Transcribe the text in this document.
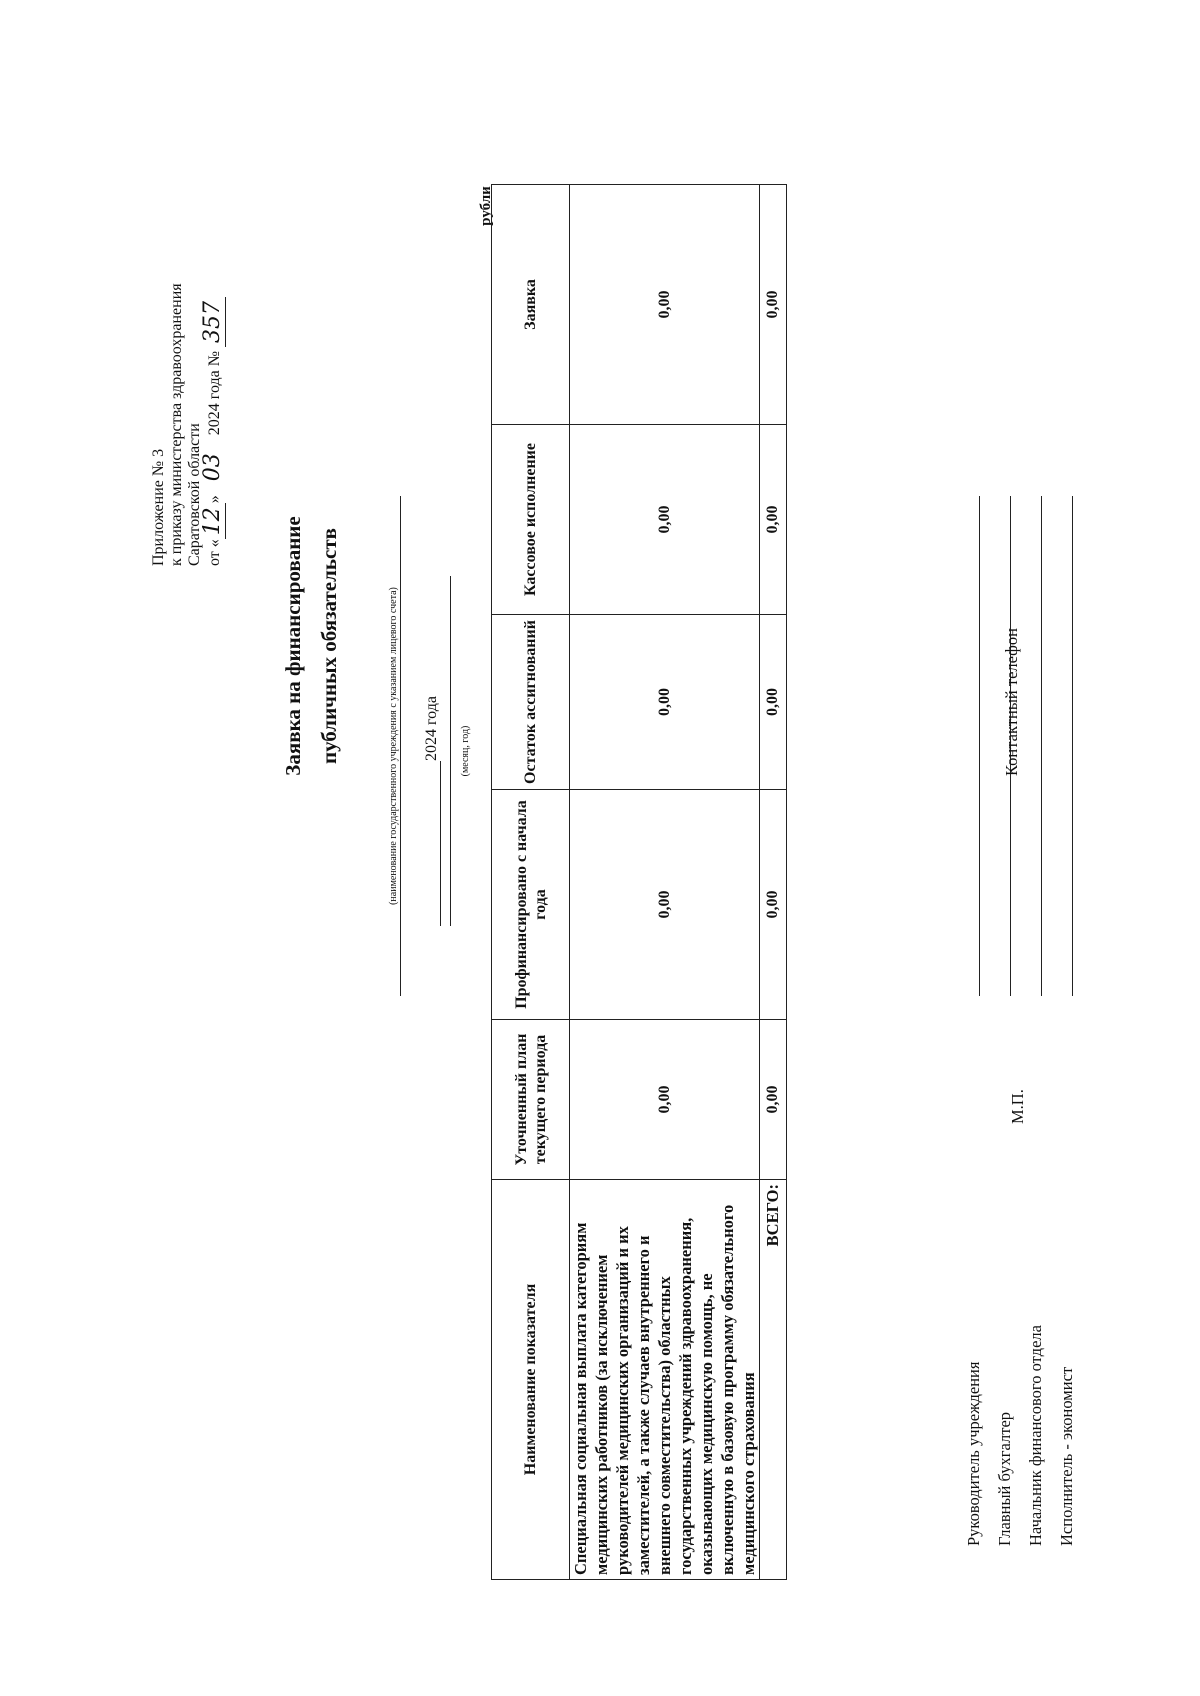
Приложение № 3 к приказу министерства здравоохранения Саратовской области от «12» 03 2024 года № 357
Заявка на финансирование публичных обязательств	(наименование государственного учреждения с указанием лицевого счета) 2024 года (месяц, год)
рубли
Наименование показателя	Уточненный план текущего периода	Профинансировано с начала года	Остаток ассигнований	Кассовое исполнение	Заявка
Специальная социальная выплата категориям медицинских работников (за исключением руководителей медицинских организаций и их заместителей, а также случаев внутреннего и внешнего совместительства) областных государственных учреждений здравоохранения, оказывающих медицинскую помощь, не включенную в базовую программу обязательного медицинского страхования	0,00	0,00	0,00	0,00	0,00
ВСЕГО:	0,00	0,00	0,00	0,00	0,00
Руководитель учреждения Главный бухгалтер Начальник финансового отдела Исполнитель - экономист
Контактный телефон
М.П.
